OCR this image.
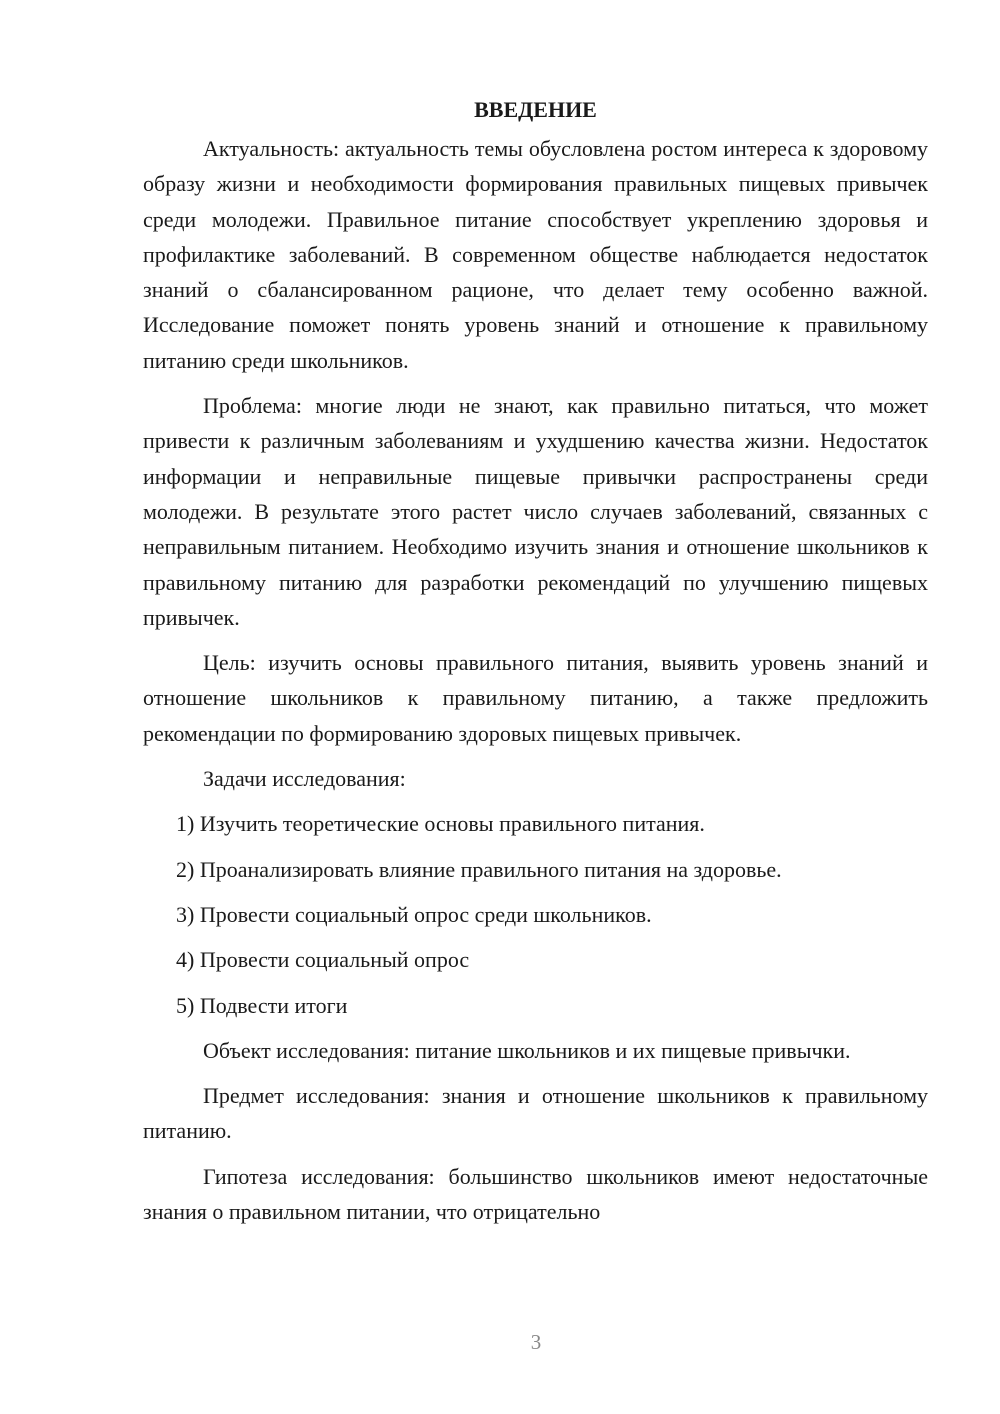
ВВЕДЕНИЕ

Актуальность: актуальность темы обусловлена ростом интереса к здоровому образу жизни и необходимости формирования правильных пищевых привычек среди молодежи. Правильное питание способствует укреплению здоровья и профилактике заболеваний. В современном обществе наблюдается недостаток знаний о сбалансированном рационе, что делает тему особенно важной. Исследование поможет понять уровень знаний и отношение к правильному питанию среди школьников.

Проблема: многие люди не знают, как правильно питаться, что может привести к различным заболеваниям и ухудшению качества жизни. Недостаток информации и неправильные пищевые привычки распространены среди молодежи. В результате этого растет число случаев заболеваний, связанных с неправильным питанием. Необходимо изучить знания и отношение школьников к правильному питанию для разработки рекомендаций по улучшению пищевых привычек.

Цель: изучить основы правильного питания, выявить уровень знаний и отношение школьников к правильному питанию, а также предложить рекомендации по формированию здоровых пищевых привычек.

Задачи исследования:

1) Изучить теоретические основы правильного питания.

2) Проанализировать влияние правильного питания на здоровье.

3) Провести социальный опрос среди школьников.

4) Провести социальный опрос

5) Подвести итоги

Объект исследования: питание школьников и их пищевые привычки.

Предмет исследования: знания и отношение школьников к правильному питанию.

Гипотеза исследования: большинство школьников имеют недостаточные знания о правильном питании, что отрицательно

3
